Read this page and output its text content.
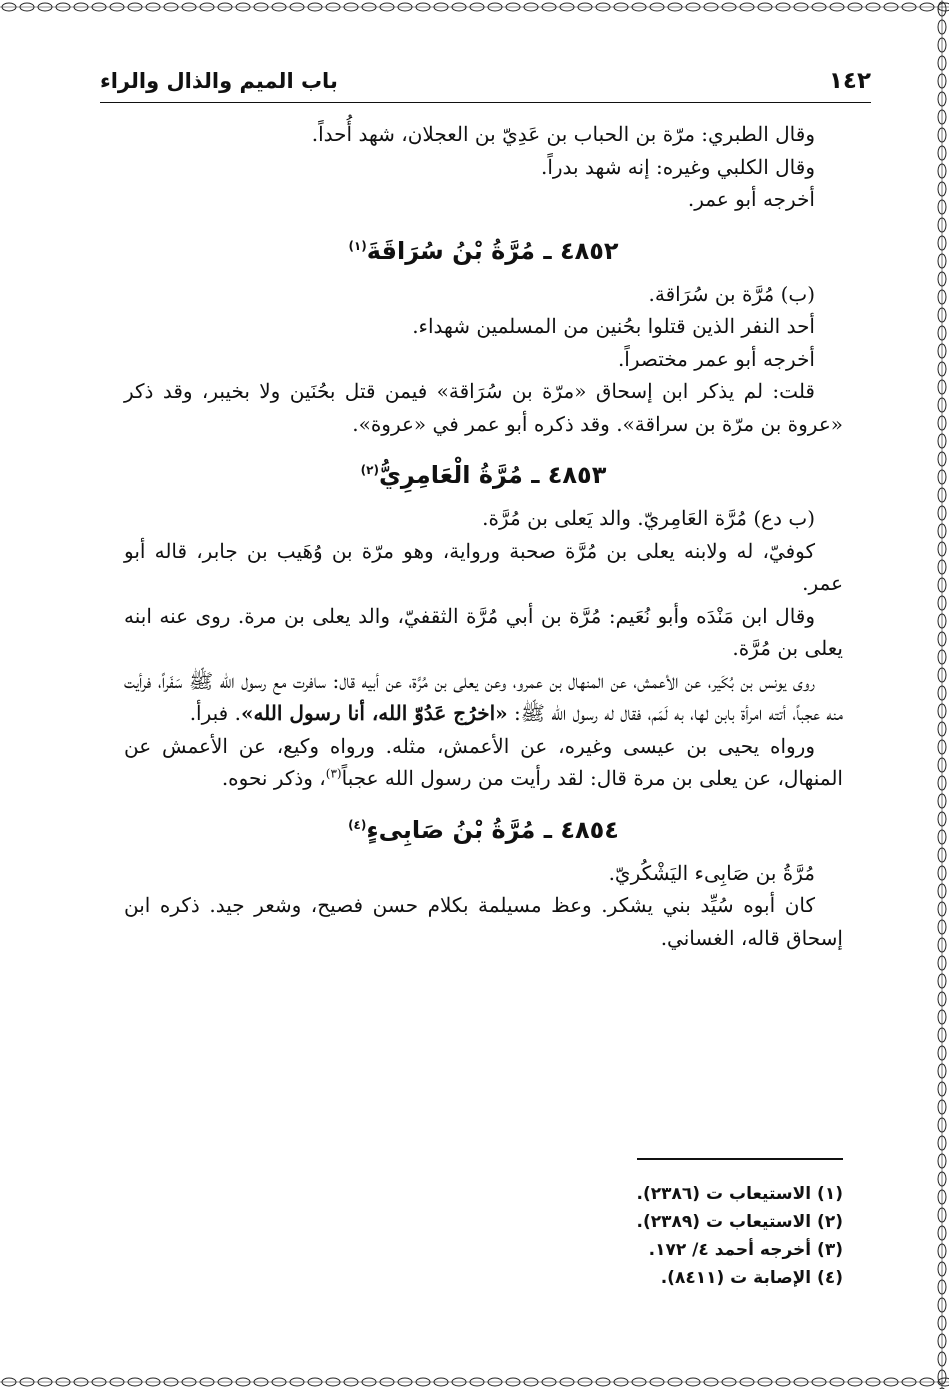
١٤٢
باب الميم والذال والراء

وقال الطبري: مرّة بن الحباب بن عَدِيّ بن العجلان، شهد أُحداً.

وقال الكلبي وغيره: إنه شهد بدراً.

أخرجه أبو عمر.

٤٨٥٢ ـ مُرَّةُ بْنُ سُرَاقَةَ$^{(١)}$

(ب) مُرَّة بن سُرَاقة.

أحد النفر الذين قتلوا بحُنين من المسلمين شهداء.

أخرجه أبو عمر مختصراً.

قلت: لم يذكر ابن إسحاق «مرّة بن سُرَاقة» فيمن قتل بحُنَين ولا بخيبر، وقد ذكر «عروة بن مرّة بن سراقة». وقد ذكره أبو عمر في «عروة».

٤٨٥٣ ـ مُرَّةُ الْعَامِرِيُّ$^{(٢)}$

(ب دع) مُرَّة العَامِريّ. والد يَعلى بن مُرَّة.

كوفيّ، له ولابنه يعلى بن مُرَّة صحبة ورواية، وهو مرّة بن وُهَيب بن جابر، قاله أبو عمر.

وقال ابن مَنْدَه وأبو نُعَيم: مُرَّة بن أبي مُرَّة الثقفيّ، والد يعلى بن مرة. روى عنه ابنه يعلى بن مُرَّة.

روى يونس بن بُكَير، عن الأعمش، عن المنهال بن عمرو، وعن يعلى بن مُرَّة، عن أبيه قال: سافرت مع رسول الله ﷺ سَفَراً، فرأيت منه عجباً، أتته امرأة بابن لها، به لَمَم، فقال له رسول الله ﷺ: «اخرُج عَدُوّ الله، أنا رسول الله». فبرأ.

ورواه يحيى بن عيسى وغيره، عن الأعمش، مثله. ورواه وكيع، عن الأعمش عن المنهال، عن يعلى بن مرة قال: لقد رأيت من رسول الله عجباً$^{(٣)}$، وذكر نحوه.

٤٨٥٤ ـ مُرَّةُ بْنُ صَابِىءٍ$^{(٤)}$

مُرَّةُ بن صَابِىء اليَشْكُريّ.

كان أبوه سُيِّد بني يشكر. وعظ مسيلمة بكلام حسن فصيح، وشعر جيد. ذكره ابن إسحاق قاله، الغساني.

(١) الاستيعاب ت (٢٣٨٦).
(٢) الاستيعاب ت (٢٣٨٩).
(٣) أخرجه أحمد ٤/ ١٧٢.
(٤) الإصابة ت (٨٤١١).
